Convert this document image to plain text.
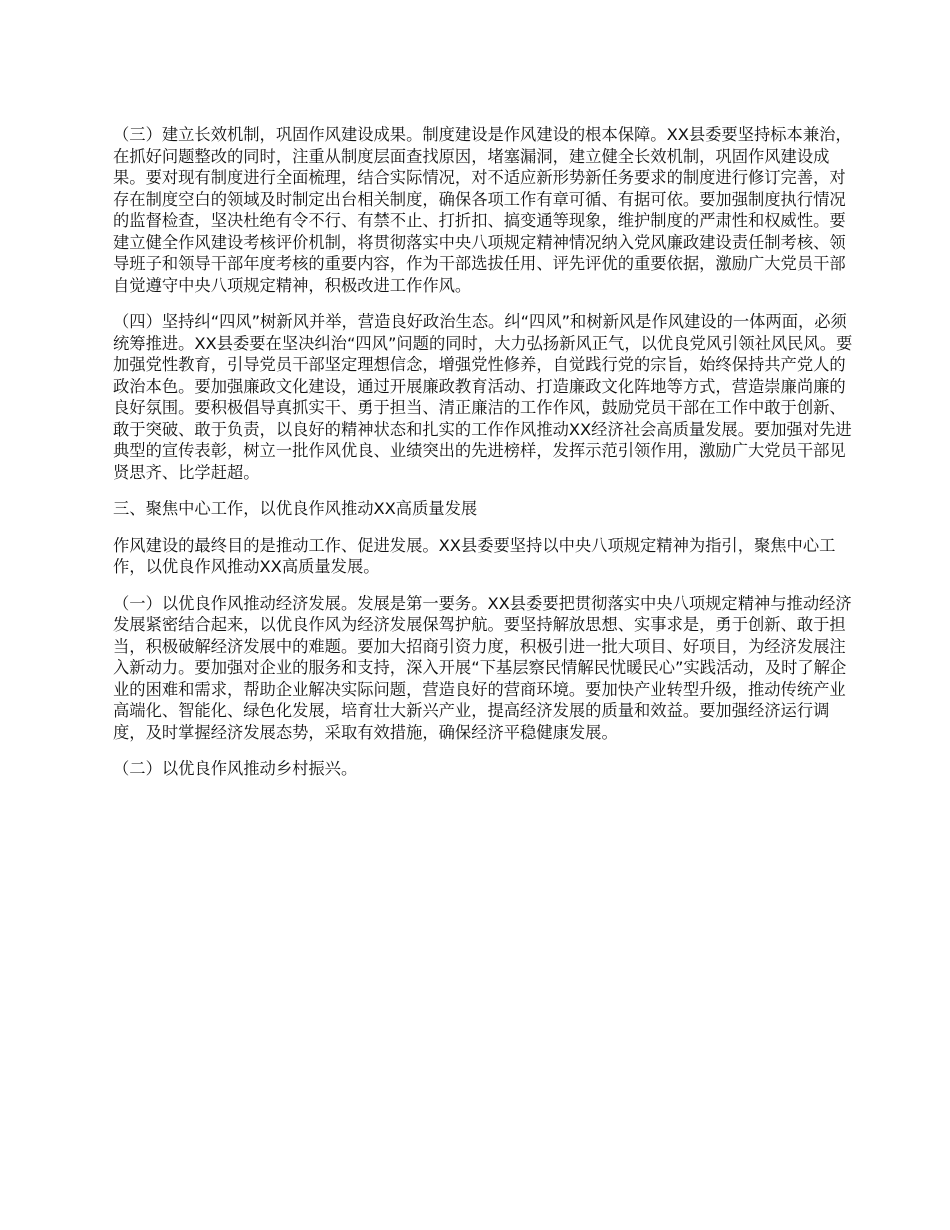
（三）建立长效机制，巩固作风建设成果。制度建设是作风建设的根本保障。XX县委要坚持标本兼治，在抓好问题整改的同时，注重从制度层面查找原因，堵塞漏洞，建立健全长效机制，巩固作风建设成果。要对现有制度进行全面梳理，结合实际情况，对不适应新形势新任务要求的制度进行修订完善，对存在制度空白的领域及时制定出台相关制度，确保各项工作有章可循、有据可依。要加强制度执行情况的监督检查，坚决杜绝有令不行、有禁不止、打折扣、搞变通等现象，维护制度的严肃性和权威性。要建立健全作风建设考核评价机制，将贯彻落实中央八项规定精神情况纳入党风廉政建设责任制考核、领导班子和领导干部年度考核的重要内容，作为干部选拔任用、评先评优的重要依据，激励广大党员干部自觉遵守中央八项规定精神，积极改进工作作风。

（四）坚持纠“四风”树新风并举，营造良好政治生态。纠“四风”和树新风是作风建设的一体两面，必须统筹推进。XX县委要在坚决纠治“四风”问题的同时，大力弘扬新风正气，以优良党风引领社风民风。要加强党性教育，引导党员干部坚定理想信念，增强党性修养，自觉践行党的宗旨，始终保持共产党人的政治本色。要加强廉政文化建设，通过开展廉政教育活动、打造廉政文化阵地等方式，营造崇廉尚廉的良好氛围。要积极倡导真抓实干、勇于担当、清正廉洁的工作作风，鼓励党员干部在工作中敢于创新、敢于突破、敢于负责，以良好的精神状态和扎实的工作作风推动XX经济社会高质量发展。要加强对先进典型的宣传表彰，树立一批作风优良、业绩突出的先进榜样，发挥示范引领作用，激励广大党员干部见贤思齐、比学赶超。

三、聚焦中心工作，以优良作风推动XX高质量发展

作风建设的最终目的是推动工作、促进发展。XX县委要坚持以中央八项规定精神为指引，聚焦中心工作，以优良作风推动XX高质量发展。

（一）以优良作风推动经济发展。发展是第一要务。XX县委要把贯彻落实中央八项规定精神与推动经济发展紧密结合起来，以优良作风为经济发展保驾护航。要坚持解放思想、实事求是，勇于创新、敢于担当，积极破解经济发展中的难题。要加大招商引资力度，积极引进一批大项目、好项目，为经济发展注入新动力。要加强对企业的服务和支持，深入开展“下基层察民情解民忧暖民心”实践活动，及时了解企业的困难和需求，帮助企业解决实际问题，营造良好的营商环境。要加快产业转型升级，推动传统产业高端化、智能化、绿色化发展，培育壮大新兴产业，提高经济发展的质量和效益。要加强经济运行调度，及时掌握经济发展态势，采取有效措施，确保经济平稳健康发展。

（二）以优良作风推动乡村振兴。
